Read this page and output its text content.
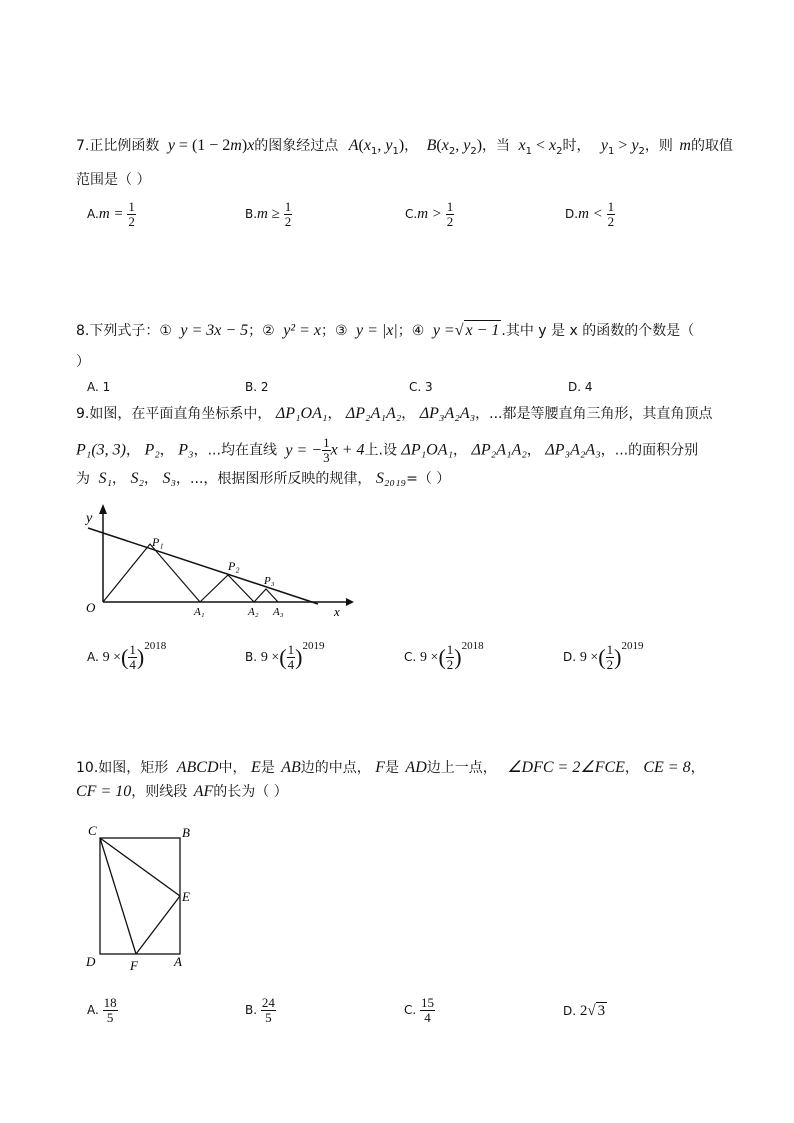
7.正比例函数 y = (1 − 2m)x的图象经过点 $A(x_1$, $y_1$)， $B(x_2$, $y_2$)，当 $x_1 < x_2$时， $y_1 > y_2$，则 m的取值
范围是（ ）
$A.m = \frac{1}{2}$	$B.m \ge \frac{1}{2}$	$C.m > \frac{1}{2}$	$D.m < \frac{1}{2}$
8.下列式子：① y = 3x − 5；② y² = x；③ y = |x|；④ y =√ x − 1 .其中 y 是 x 的函数的个数是（
）
A. 1	B. 2	C. 3	D. 4
9.如图，在平面直角坐标系中， ΔP₁OA₁， ΔP₂A₁A₂， ΔP₃A₂A₃，...都是等腰直角三角形，其直角顶点
P₁(3, 3)， P₂， P₃，...均在直线 y = − $\frac{1}{3}$ x + 4上.设 ΔP₁OA₁， ΔP₂A₁A₂， ΔP₃A₂A₃，...的面积分别
为 S₁， S₂， S₃，...，根据图形所反映的规律， S₂₀₁₉=（ ）
y
x
O
P₁
P₂
P₃
A₁	A₂ A₃
A. 9 ×( $\frac{1}{4} )^{2018}$
B. 9 ×( $\frac{1}{4} )^{2019}$
C. 9 ×( $\frac{1}{2} )^{2018}$
D. 9 ×( $\frac{1}{2} )^{2019}$
10.如图，矩形 ABCD中， E是 AB边的中点， F是 AD边上一点， ∠DFC = 2∠FCE， CE = 8，
CF = 10，则线段 AF的长为（ ）
C	B
E
D	F	A
A. $\frac{18}{5}$	B. $\frac{24}{5}$	C. $\frac{15}{4}$	D. 2√ 3
